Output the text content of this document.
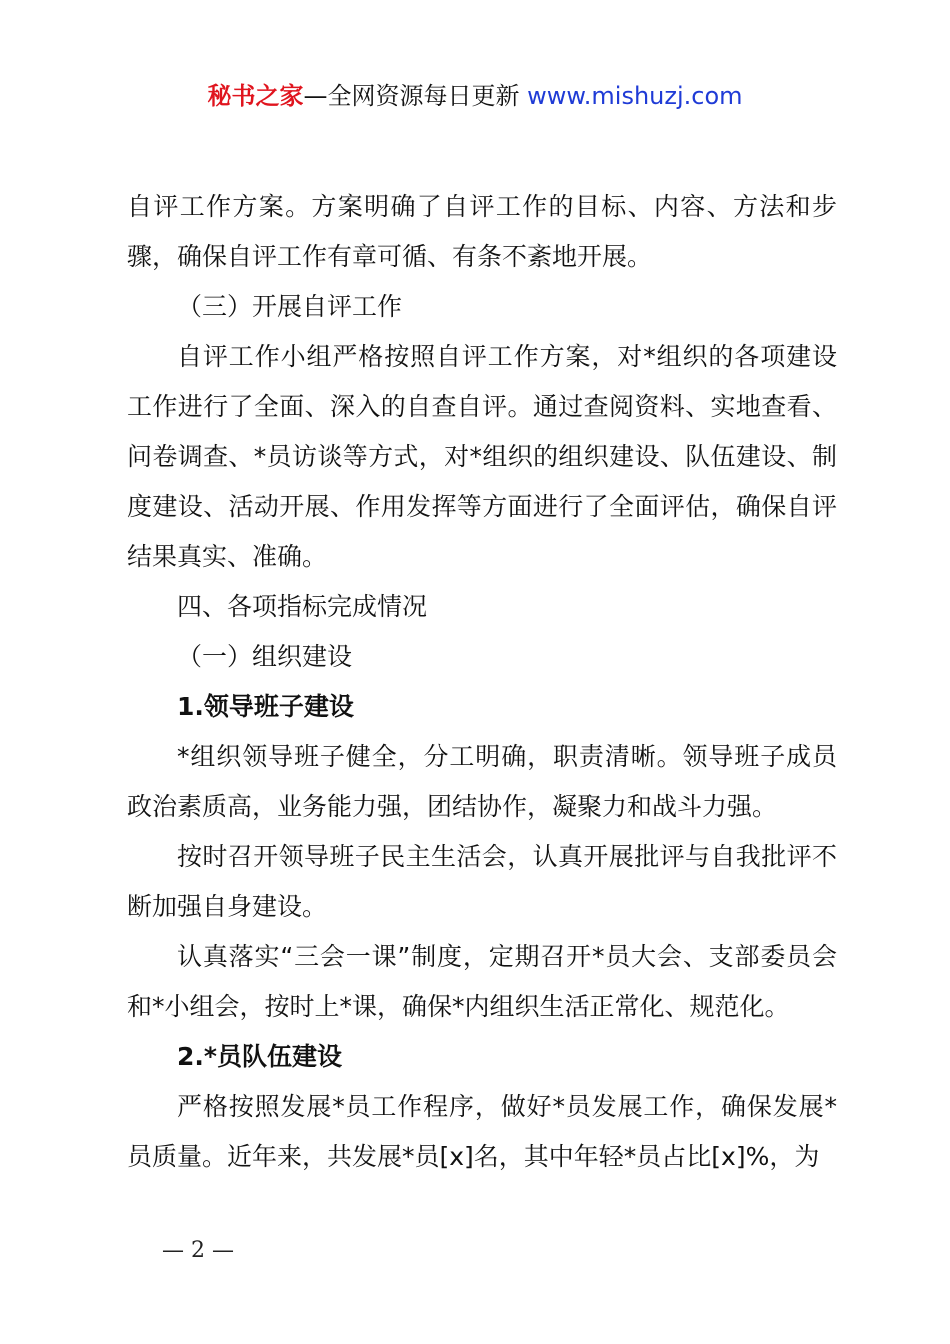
秘书之家—全网资源每日更新 www.mishuzj.com

自评工作方案。方案明确了自评工作的目标、内容、方法和步骤，确保自评工作有章可循、有条不紊地开展。

（三）开展自评工作

自评工作小组严格按照自评工作方案，对*组织的各项建设工作进行了全面、深入的自查自评。通过查阅资料、实地查看、问卷调查、*员访谈等方式，对*组织的组织建设、队伍建设、制度建设、活动开展、作用发挥等方面进行了全面评估，确保自评结果真实、准确。

四、各项指标完成情况

（一）组织建设

1.领导班子建设

*组织领导班子健全，分工明确，职责清晰。领导班子成员政治素质高，业务能力强，团结协作，凝聚力和战斗力强。

按时召开领导班子民主生活会，认真开展批评与自我批评不断加强自身建设。

认真落实“三会一课”制度，定期召开*员大会、支部委员会和*小组会，按时上*课，确保*内组织生活正常化、规范化。

2.*员队伍建设

严格按照发展*员工作程序，做好*员发展工作，确保发展*员质量。近年来，共发展*员[x]名，其中年轻*员占比[x]%，为

— 2 —
